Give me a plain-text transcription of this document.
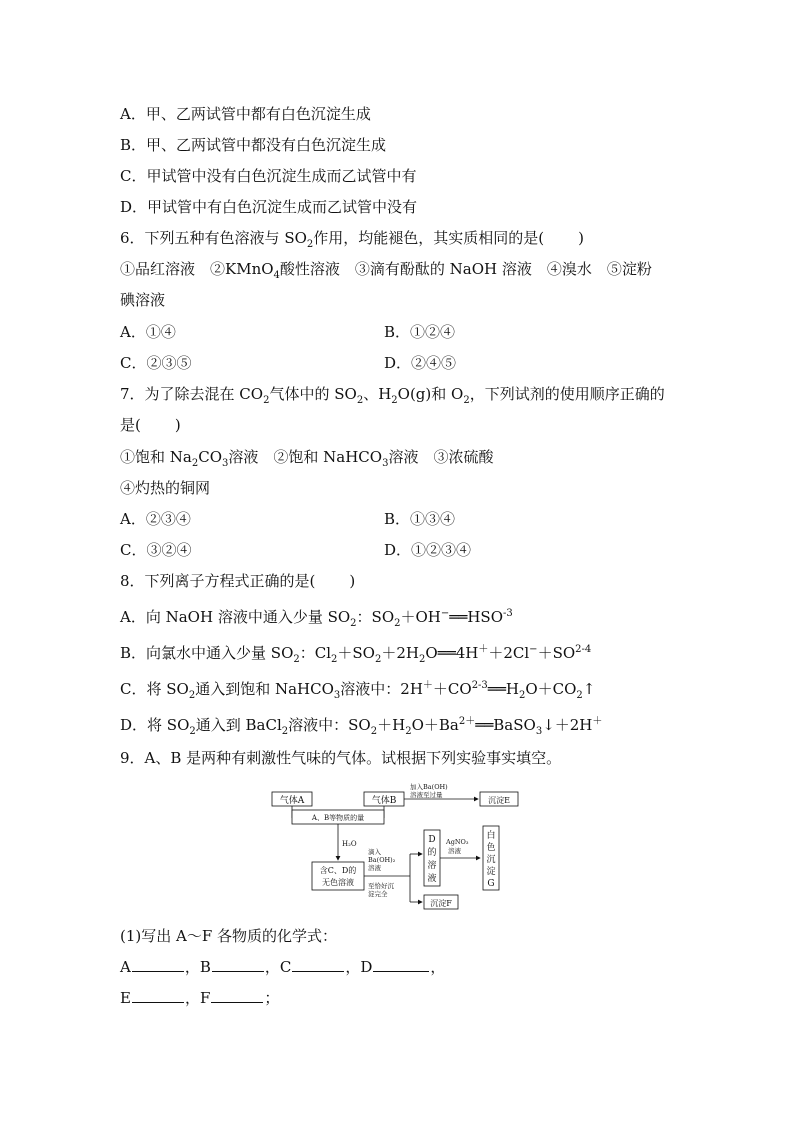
A．甲、乙两试管中都有白色沉淀生成
B．甲、乙两试管中都没有白色沉淀生成
C．甲试管中没有白色沉淀生成而乙试管中有
D．甲试管中有白色沉淀生成而乙试管中没有
6．下列五种有色溶液与 $SO_2$作用，均能褪色，其实质相同的是( )
①品红溶液　②KMnO$_4$酸性溶液　③滴有酚酞的 NaOH 溶液　④溴水　⑤淀粉
碘溶液
A．①④	B．①②④
C．②③⑤	D．②④⑤
7．为了除去混在 $CO_2$气体中的 $SO_2$、$H_2O(g)$和 $O_2$，下列试剂的使用顺序正确的
是( )
①饱和 $Na_2CO_3$溶液　②饱和 NaHCO$_3$溶液　③浓硫酸
④灼热的铜网
A．②③④	B．①③④
C．③②④	D．①②③④
8．下列离子方程式正确的是( )
A．向 NaOH 溶液中通入少量 $SO_2$：$SO_2+OH^-══HSO^{-3}$
B．向氯水中通入少量 $SO_2$：$Cl_2+SO_2+2H_2O══4H^++2Cl^-+SO^{2-4}$
C．将 $SO_2$通入到饱和 NaHCO$_3$溶液中：$2H^++CO^{2-3}══H_2O+CO_2↑$
D．将 $SO_2$通入到 BaCl$_2$溶液中：$SO_2+H_2O+Ba^{2+}══BaSO_3↓+2H^+$
9．A、B 是两种有刺激性气味的气体。试根据下列实验事实填空。
气体A	气体B
加入Ba(OH)
溶液至过量
沉淀E
A、B等物质的量
H₂O
含C、D的
无色溶液
滴入
Ba(OH)₂
溶液
至恰好沉
淀完全
D
的
溶
液
AgNO₃
溶液
白
色
沉
淀
G
沉淀F
(1)写出 A～F 各物质的化学式：
A	，B	，C	，D	，
E	，F	；
